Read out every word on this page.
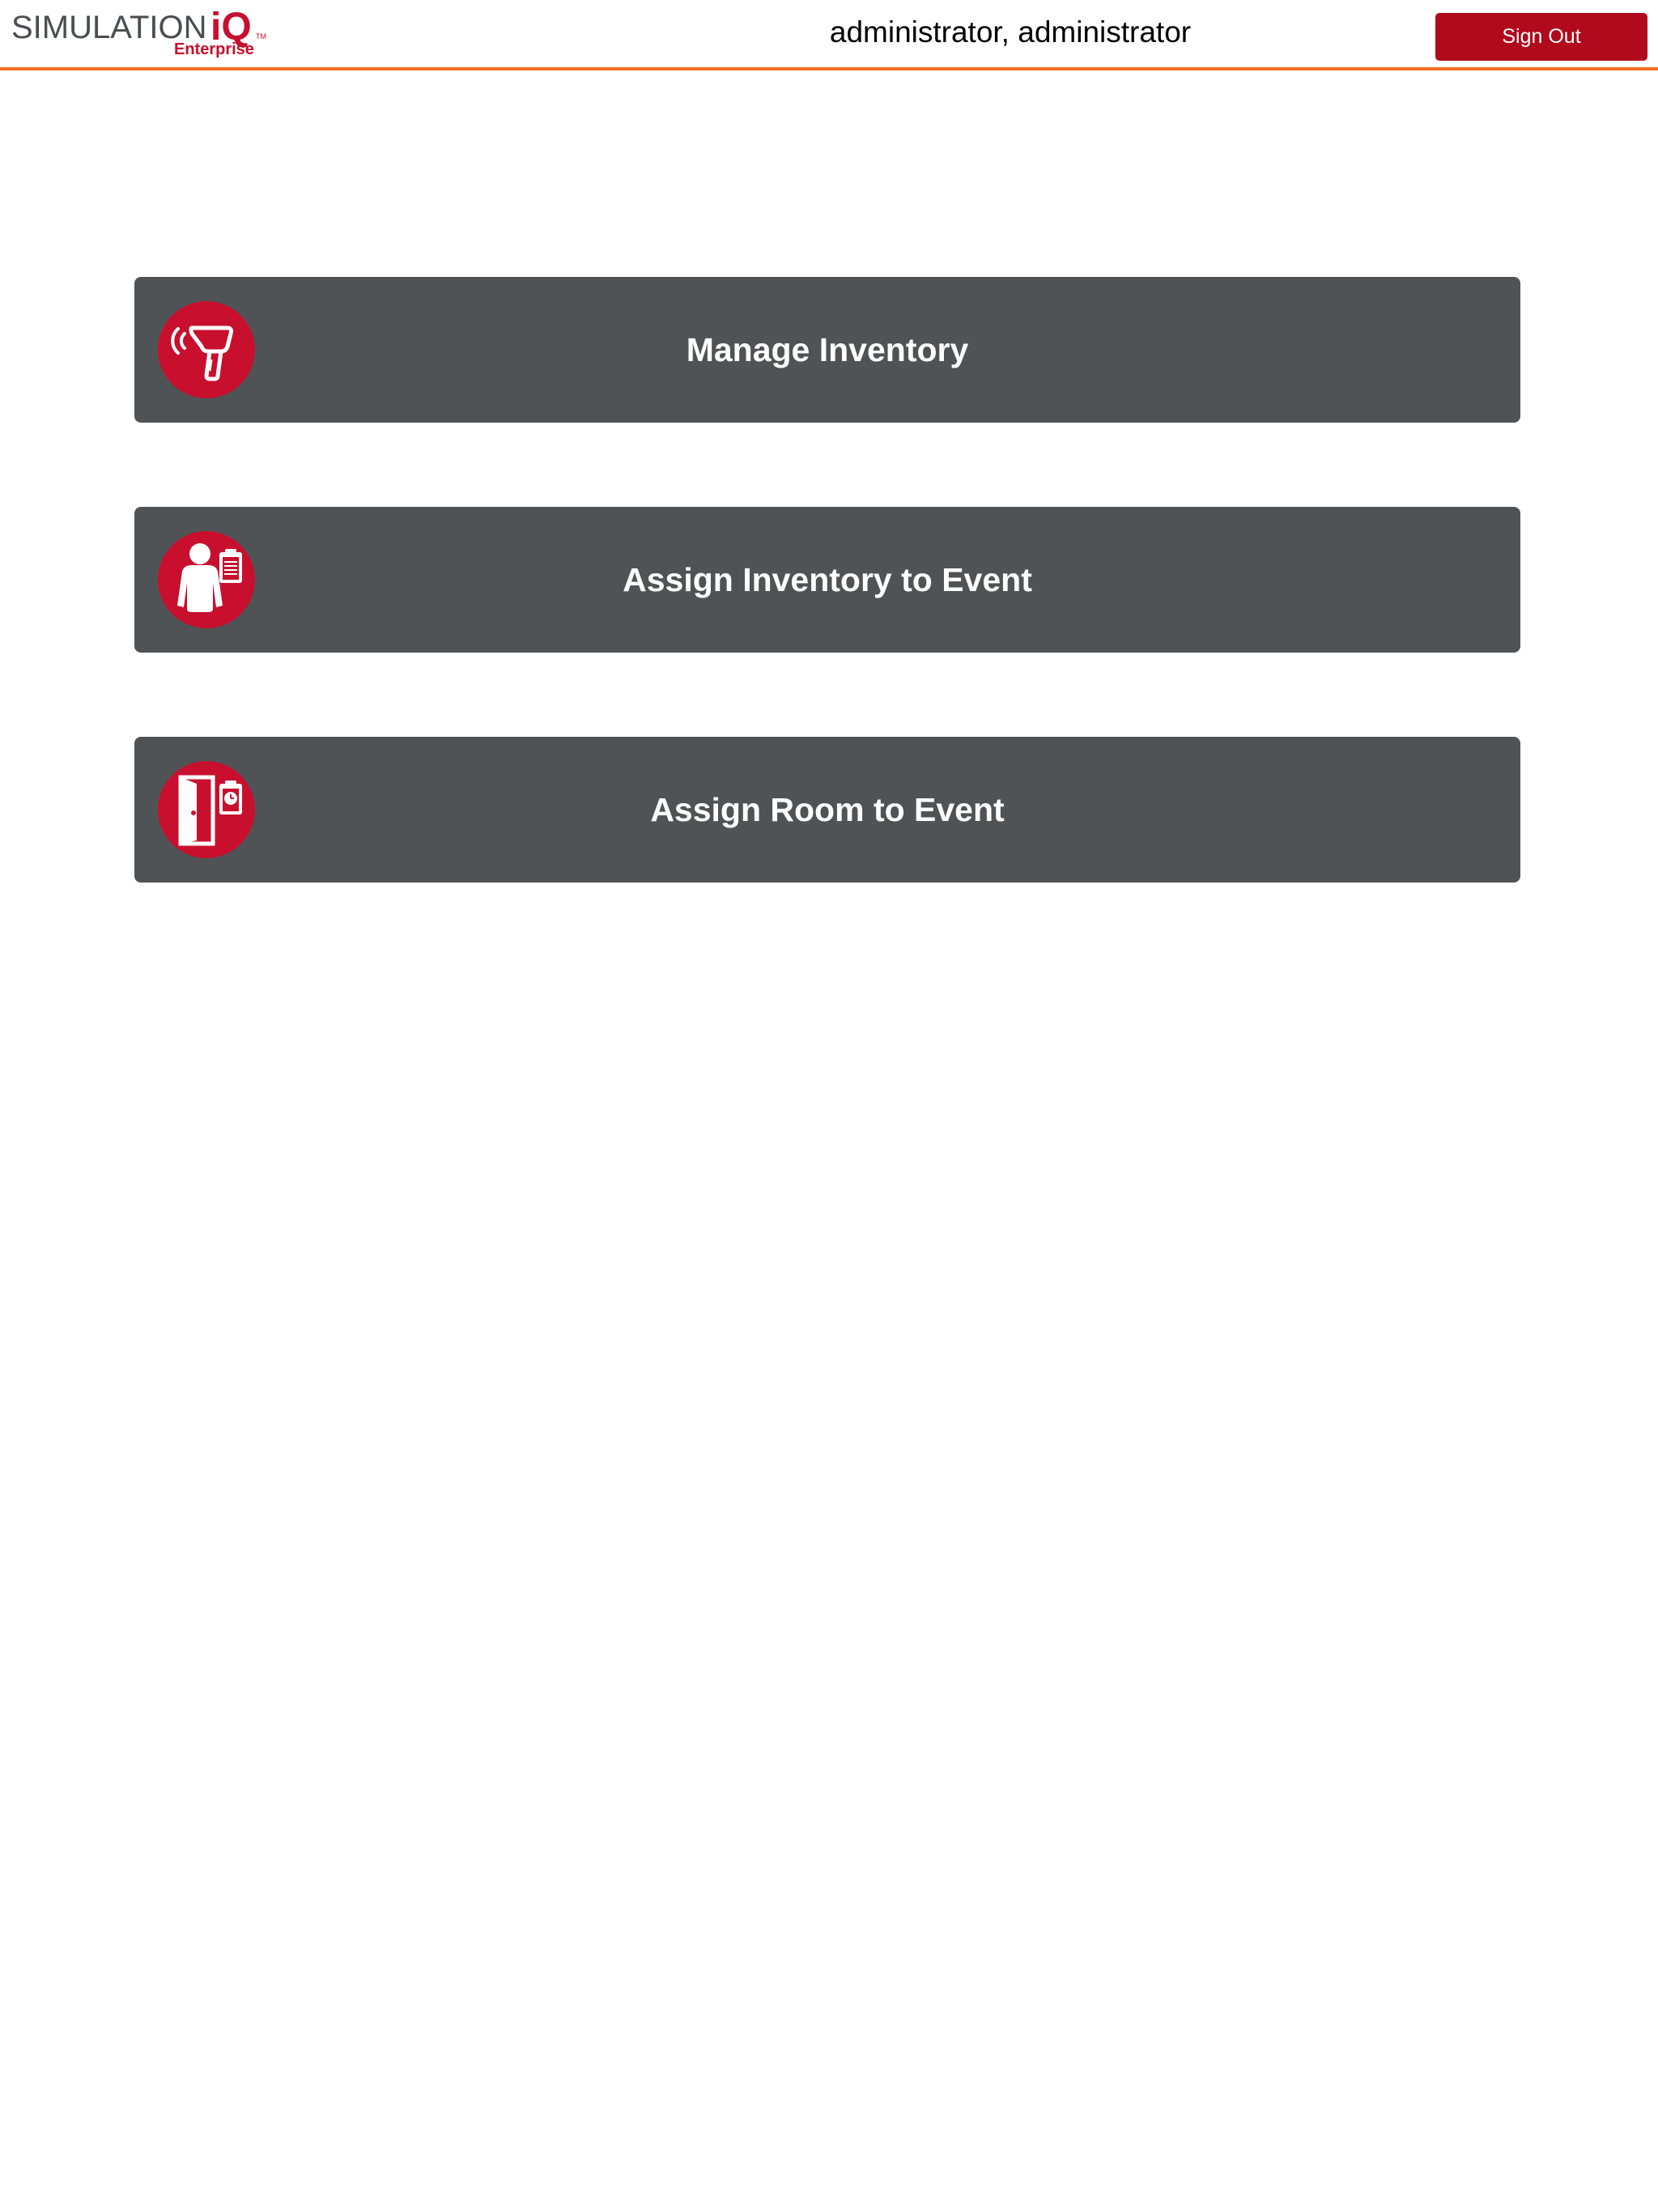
SIMULATION iQ TM
Enterprise
administrator, administrator	Sign Out
Manage Inventory
Assign Inventory to Event
Assign Room to Event
